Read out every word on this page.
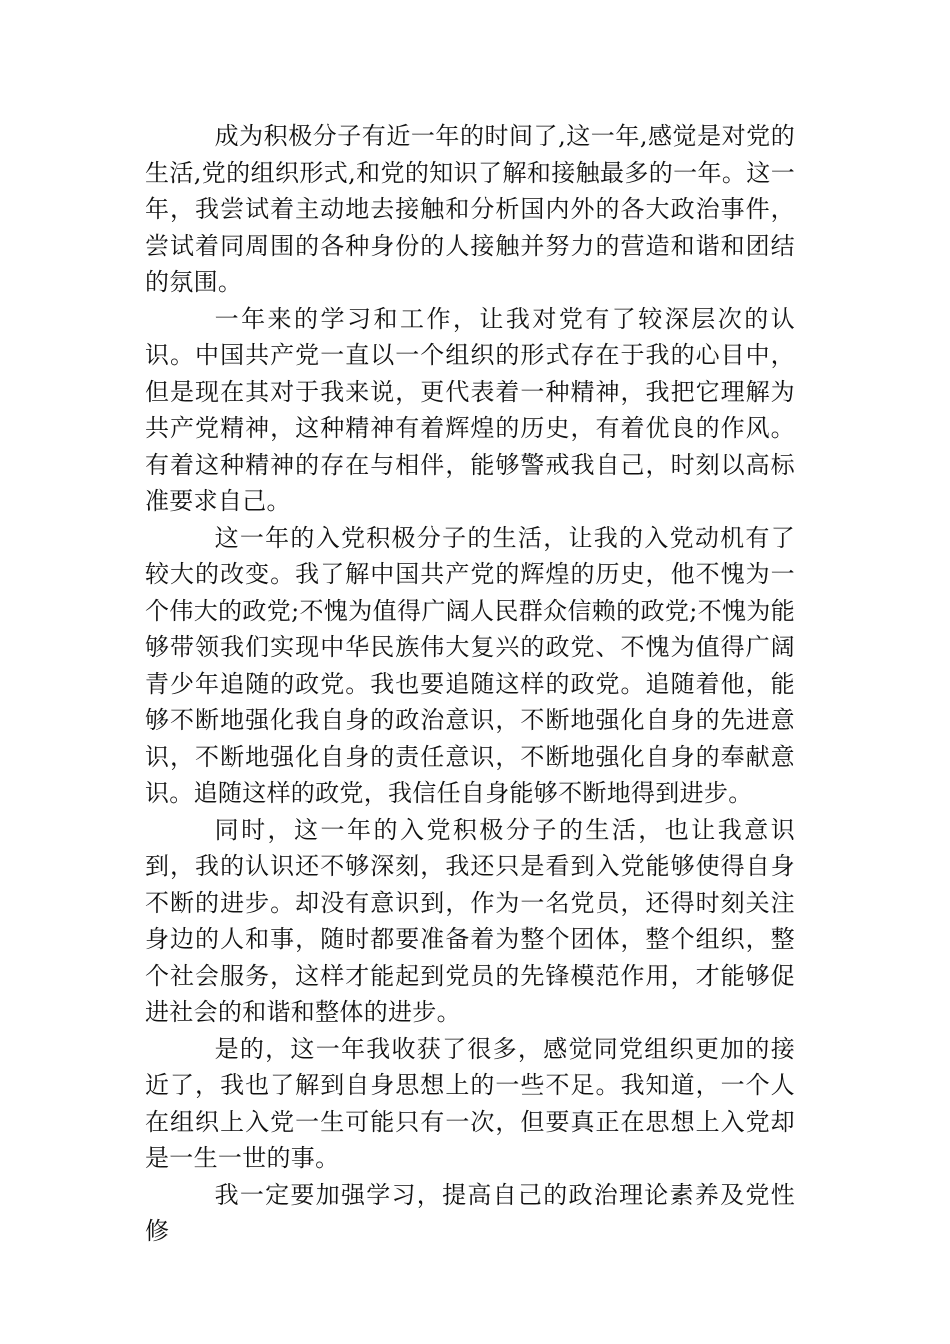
成为积极分子有近一年的时间了,这一年,感觉是对党的生活,党的组织形式,和党的知识了解和接触最多的一年。这一年，我尝试着主动地去接触和分析国内外的各大政治事件，尝试着同周围的各种身份的人接触并努力的营造和谐和团结的氛围。

一年来的学习和工作，让我对党有了较深层次的认识。中国共产党一直以一个组织的形式存在于我的心目中，但是现在其对于我来说，更代表着一种精神，我把它理解为共产党精神，这种精神有着辉煌的历史，有着优良的作风。有着这种精神的存在与相伴，能够警戒我自己，时刻以高标准要求自己。

这一年的入党积极分子的生活，让我的入党动机有了较大的改变。我了解中国共产党的辉煌的历史，他不愧为一个伟大的政党;不愧为值得广阔人民群众信赖的政党;不愧为能够带领我们实现中华民族伟大复兴的政党、不愧为值得广阔青少年追随的政党。我也要追随这样的政党。追随着他，能够不断地强化我自身的政治意识，不断地强化自身的先进意识，不断地强化自身的责任意识，不断地强化自身的奉献意识。追随这样的政党，我信任自身能够不断地得到进步。

同时，这一年的入党积极分子的生活，也让我意识到，我的认识还不够深刻，我还只是看到入党能够使得自身不断的进步。却没有意识到，作为一名党员，还得时刻关注身边的人和事，随时都要准备着为整个团体，整个组织，整个社会服务，这样才能起到党员的先锋模范作用，才能够促进社会的和谐和整体的进步。

是的，这一年我收获了很多，感觉同党组织更加的接近了，我也了解到自身思想上的一些不足。我知道，一个人在组织上入党一生可能只有一次，但要真正在思想上入党却是一生一世的事。

我一定要加强学习，提高自己的政治理论素养及党性修
